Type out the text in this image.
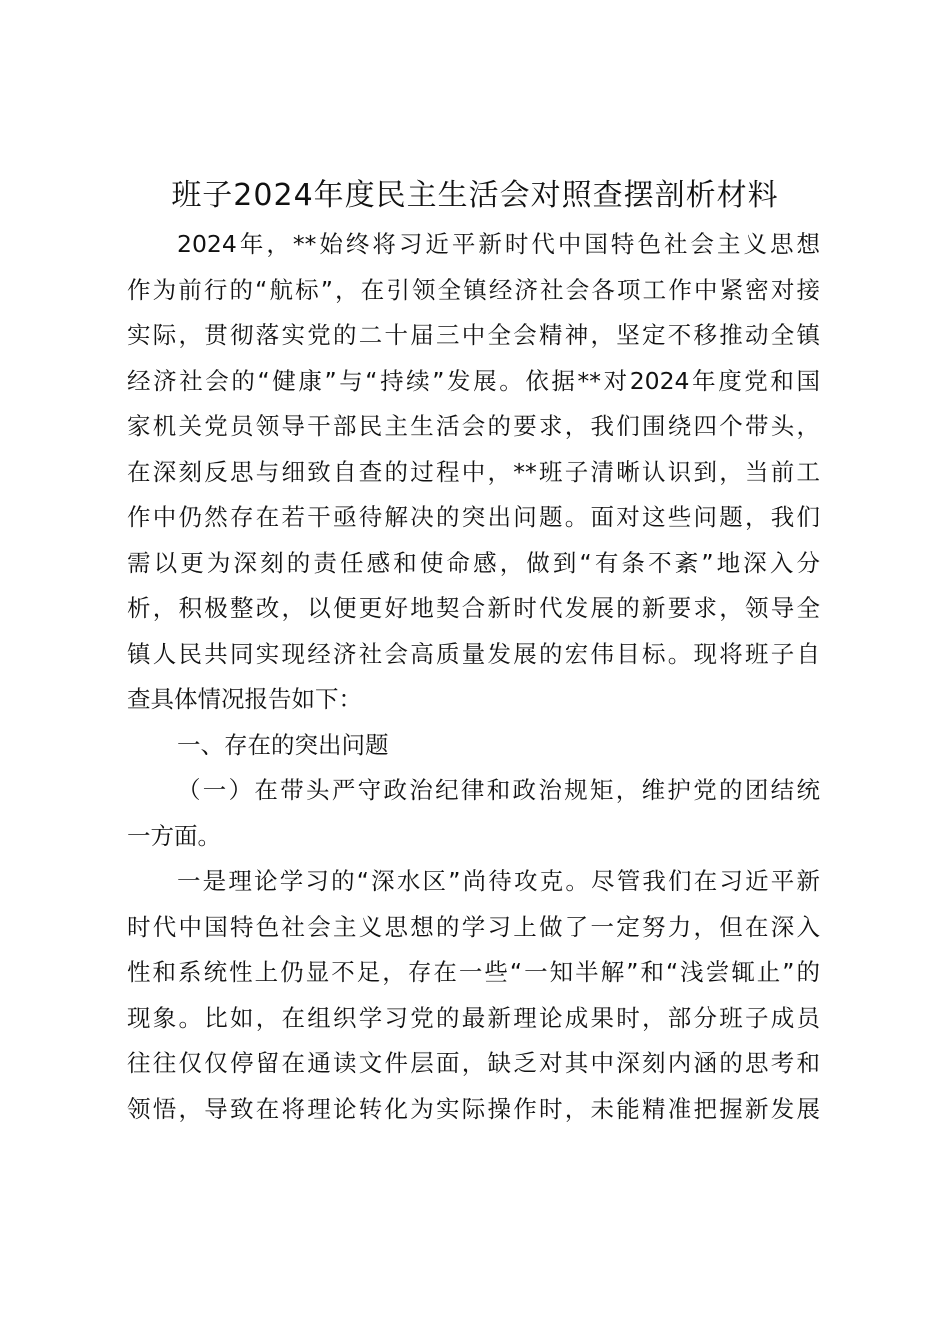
班子2024年度民主生活会对照查摆剖析材料
2024年，**始终将习近平新时代中国特色社会主义思想
作为前行的“航标”，在引领全镇经济社会各项工作中紧密对接
实际，贯彻落实党的二十届三中全会精神，坚定不移推动全镇
经济社会的“健康”与“持续”发展。依据**对2024年度党和国
家机关党员领导干部民主生活会的要求，我们围绕四个带头，
在深刻反思与细致自查的过程中，**班子清晰认识到，当前工
作中仍然存在若干亟待解决的突出问题。面对这些问题，我们
需以更为深刻的责任感和使命感，做到“有条不紊”地深入分
析，积极整改，以便更好地契合新时代发展的新要求，领导全
镇人民共同实现经济社会高质量发展的宏伟目标。现将班子自
查具体情况报告如下：
一、存在的突出问题
（一）在带头严守政治纪律和政治规矩，维护党的团结统
一方面。
一是理论学习的“深水区”尚待攻克。尽管我们在习近平新
时代中国特色社会主义思想的学习上做了一定努力，但在深入
性和系统性上仍显不足，存在一些“一知半解”和“浅尝辄止”的
现象。比如，在组织学习党的最新理论成果时，部分班子成员
往往仅仅停留在通读文件层面，缺乏对其中深刻内涵的思考和
领悟，导致在将理论转化为实际操作时，未能精准把握新发展
